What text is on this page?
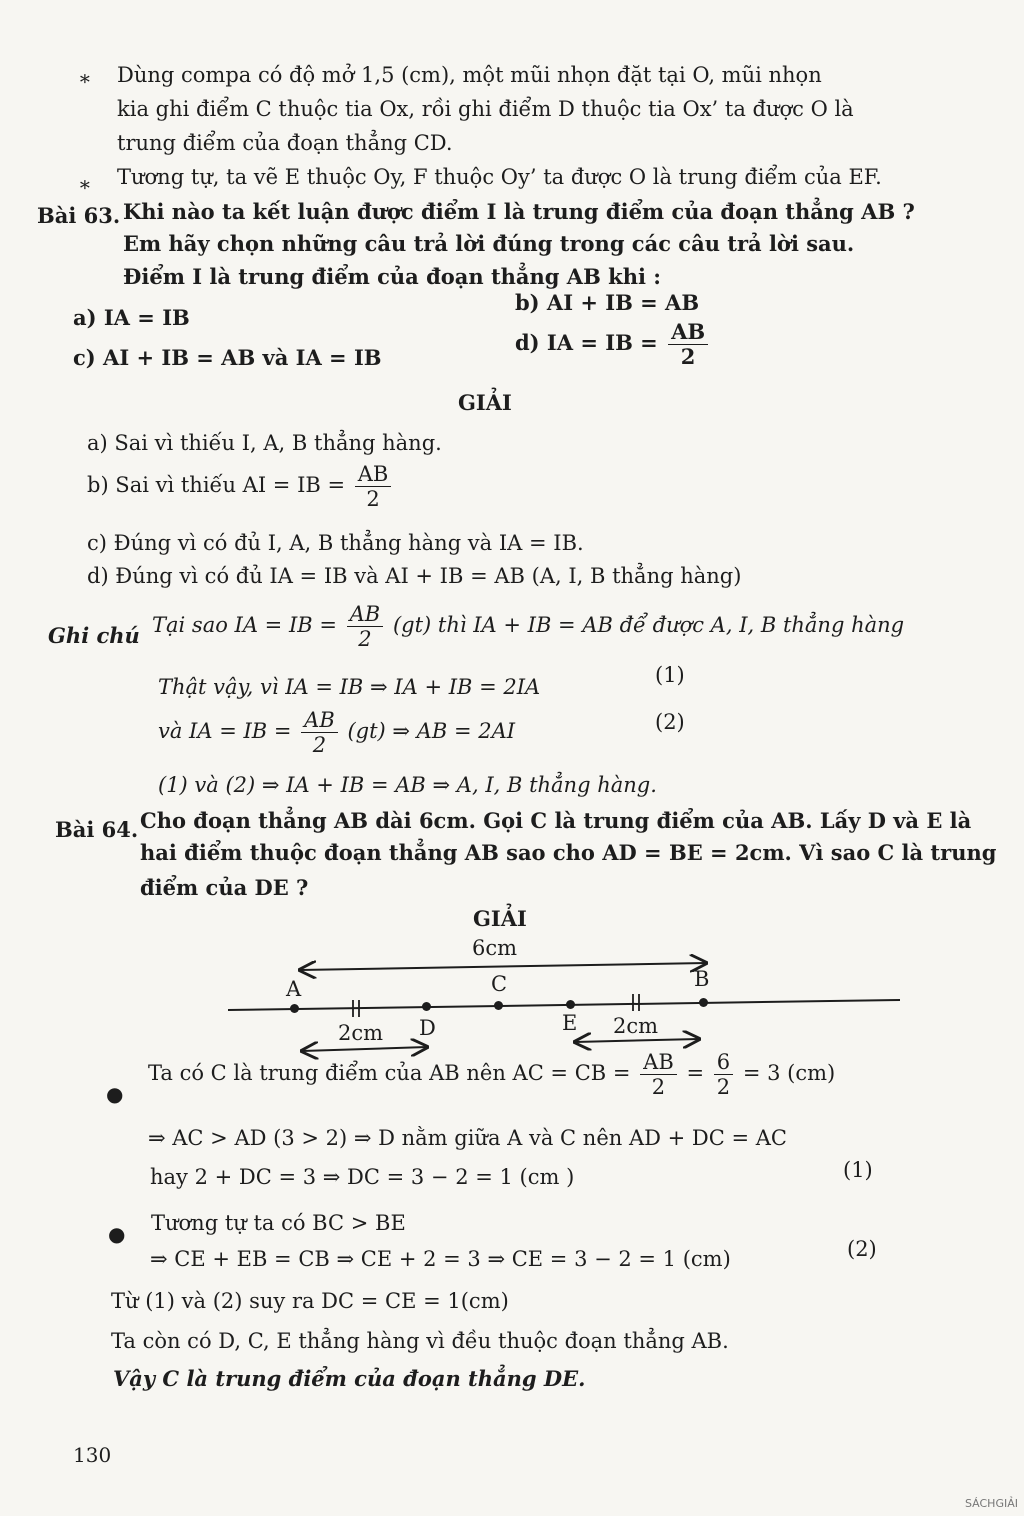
∗ Dùng compa có độ mở 1,5 (cm), một mũi nhọn đặt tại O, mũi nhọn
kia ghi điểm C thuộc tia Ox, rồi ghi điểm D thuộc tia Ox’ ta được O là
trung điểm của đoạn thẳng CD.
∗ Tương tự, ta vẽ E thuộc Oy, F thuộc Oy’ ta được O là trung điểm của EF.
Bài 63. Khi nào ta kết luận được điểm I là trung điểm của đoạn thẳng AB ?
Em hãy chọn những câu trả lời đúng trong các câu trả lời sau.
Điểm I là trung điểm của đoạn thẳng AB khi :
a) IA = IB
b) AI + IB = AB
c) AI + IB = AB và IA = IB
d) IA = IB = $\frac{AB}{2}$
GIẢI
a) Sai vì thiếu I, A, B thẳng hàng.
b) Sai vì thiếu AI = IB = $\frac{AB}{2}$
c) Đúng vì có đủ I, A, B thẳng hàng và IA = IB.
d) Đúng vì có đủ IA = IB và AI + IB = AB (A, I, B thẳng hàng)
Ghi chú Tại sao IA = IB = $\frac{AB}{2} (gt)$ thì IA + IB = AB để được A, I, B thẳng hàng
Thật vậy, vì IA = IB ⇒ IA + IB = 2IA	(1)
và IA = IB = $\frac{AB}{2} (gt)$ ⇒ AB = 2AI	(2)
(1) và (2) ⇒ IA + IB = AB ⇒ A, I, B thẳng hàng.
Bài 64. Cho đoạn thẳng AB dài 6cm. Gọi C là trung điểm của AB. Lấy D và E là
hai điểm thuộc đoạn thẳng AB sao cho AD = BE = 2cm. Vì sao C là trung
điểm của DE ?
GIẢI
6cm
A	C	B
D	E
2cm	2cm
●
Ta có C là trung điểm của AB nên AC = CB = $\frac{AB}{2} = \frac{6}{2} = 3$ (cm)
⇒ AC > AD (3 > 2) ⇒ D nằm giữa A và C nên AD + DC = AC
hay 2 + DC = 3 ⇒ DC = 3 − 2 = 1 (cm )	(1)
● Tương tự ta có BC > BE
⇒ CE + EB = CB ⇒ CE + 2 = 3 ⇒ CE = 3 − 2 = 1 (cm)	(2)
Từ (1) và (2) suy ra DC = CE = 1(cm)
Ta còn có D, C, E thẳng hàng vì đều thuộc đoạn thẳng AB.
Vậy C là trung điểm của đoạn thẳng DE.
130
SÁCHGIẢI
